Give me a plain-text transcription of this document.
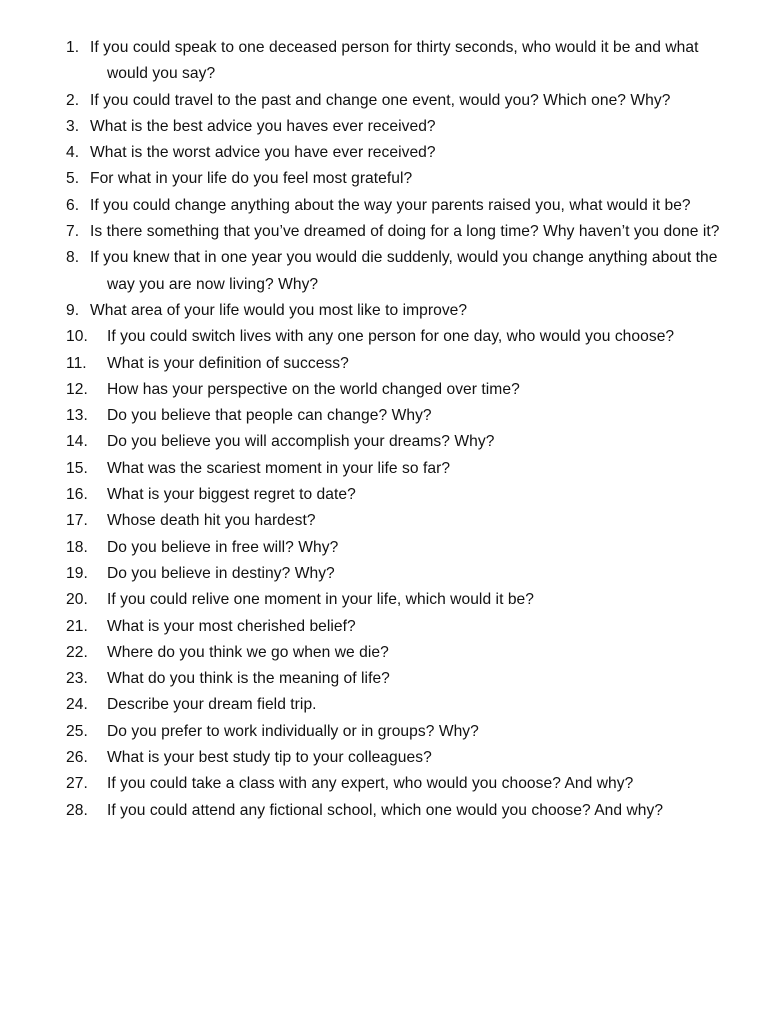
1. If you could speak to one deceased person for thirty seconds, who would it be and what would you say?
2. If you could travel to the past and change one event, would you? Which one? Why?
3. What is the best advice you haves ever received?
4. What is the worst advice you have ever received?
5. For what in your life do you feel most grateful?
6. If you could change anything about the way your parents raised you, what would it be?
7. Is there something that you’ve dreamed of doing for a long time? Why haven’t you done it?
8. If you knew that in one year you would die suddenly, would you change anything about the way you are now living? Why?
9. What area of your life would you most like to improve?
10.	If you could switch lives with any one person for one day, who would you choose?
11.	What is your definition of success?
12.	How has your perspective on the world changed over time?
13.	Do you believe that people can change? Why?
14.	Do you believe you will accomplish your dreams? Why?
15.	What was the scariest moment in your life so far?
16.	What is your biggest regret to date?
17.	Whose death hit you hardest?
18.	Do you believe in free will? Why?
19.	Do you believe in destiny? Why?
20.	If you could relive one moment in your life, which would it be?
21.	What is your most cherished belief?
22.	Where do you think we go when we die?
23.	What do you think is the meaning of life?
24.	Describe your dream field trip.
25.	Do you prefer to work individually or in groups? Why?
26.	What is your best study tip to your colleagues?
27.	If you could take a class with any expert, who would you choose? And why?
28.	If you could attend any fictional school, which one would you choose? And why?
